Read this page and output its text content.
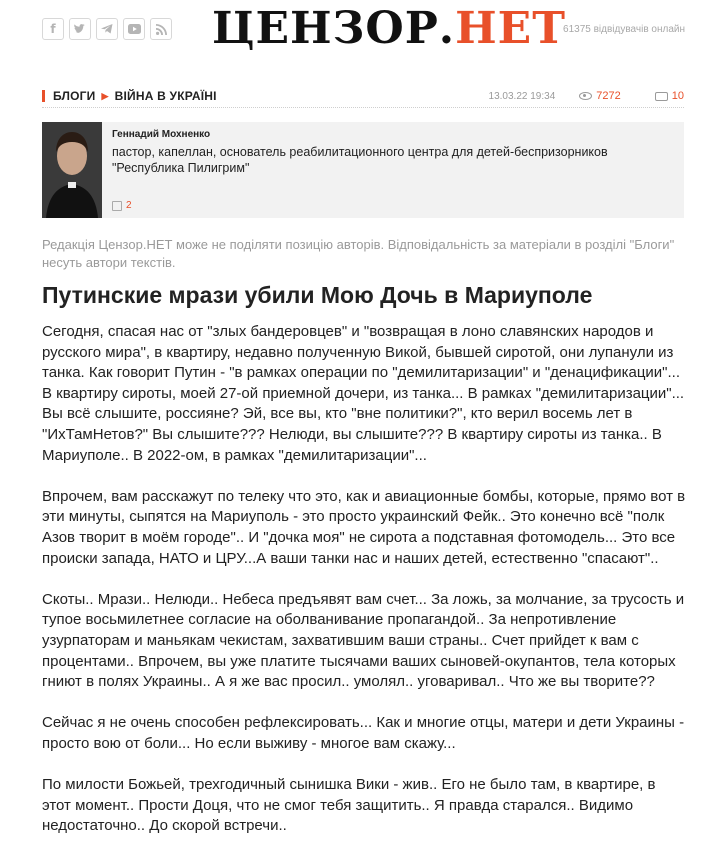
f	ЦЕНЗОР.НЕТ
61375 відвідувачів онлайн
БЛОГИ ▶ ВІЙНА В УКРАЇНІ	13.03.22 19:34	7272	10
Геннадий Мохненко
пастор, капеллан, основатель реабилитационного центра для детей-беспризорников "Республика Пилигрим"
2
Редакція Цензор.НЕТ може не поділяти позицію авторів. Відповідальність за матеріали в розділі "Блоги" несуть автори текстів.
Путинские мрази убили Мою Дочь в Мариуполе

Сегодня, спасая нас от "злых бандеровцев" и "возвращая в лоно славянских народов и русского мира", в квартиру, недавно полученную Викой, бывшей сиротой, они лупанули из танка. Как говорит Путин - "в рамках операции по "демилитаризации" и "денацификации"... В квартиру сироты, моей 27-ой приемной дочери, из танка... В рамках "демилитаризации"... Вы всё слышите, россияне? Эй, все вы, кто "вне политики?", кто верил восемь лет в "ИхТамНетов?" Вы слышите??? Нелюди, вы слышите??? В квартиру сироты из танка.. В Мариуполе.. В 2022-ом, в рамках "демилитаризации"...

Впрочем, вам расскажут по телеку что это, как и авиационные бомбы, которые, прямо вот в эти минуты, сыпятся на Мариуполь - это просто украинский Фейк.. Это конечно всё "полк Азов творит в моём городе".. И "дочка моя" не сирота а подставная фотомодель... Это все происки запада, НАТО и ЦРУ...А ваши танки нас и наших детей, естественно "спасают"..

Скоты.. Мрази.. Нелюди.. Небеса предъявят вам счет... За ложь, за молчание, за трусость и тупое восьмилетнее согласие на оболванивание пропагандой.. За непротивление узурпаторам и маньякам чекистам, захватившим ваши страны.. Счет прийдет к вам с процентами.. Впрочем, вы уже платите тысячами ваших сыновей-окупантов, тела которых гниют в полях Украины.. А я же вас просил.. умолял.. уговаривал.. Что же вы творите??

Сейчас я не очень способен рефлексировать... Как и многие отцы, матери и дети Украины - просто вою от боли... Но если выживу - многое вам скажу...

По милости Божьей, трехгодичный сынишка Вики - жив.. Его не было там, в квартире, в этот момент.. Прости Доця, что не смог тебя защитить.. Я правда старался.. Видимо недостаточно.. До скорой встречи..
